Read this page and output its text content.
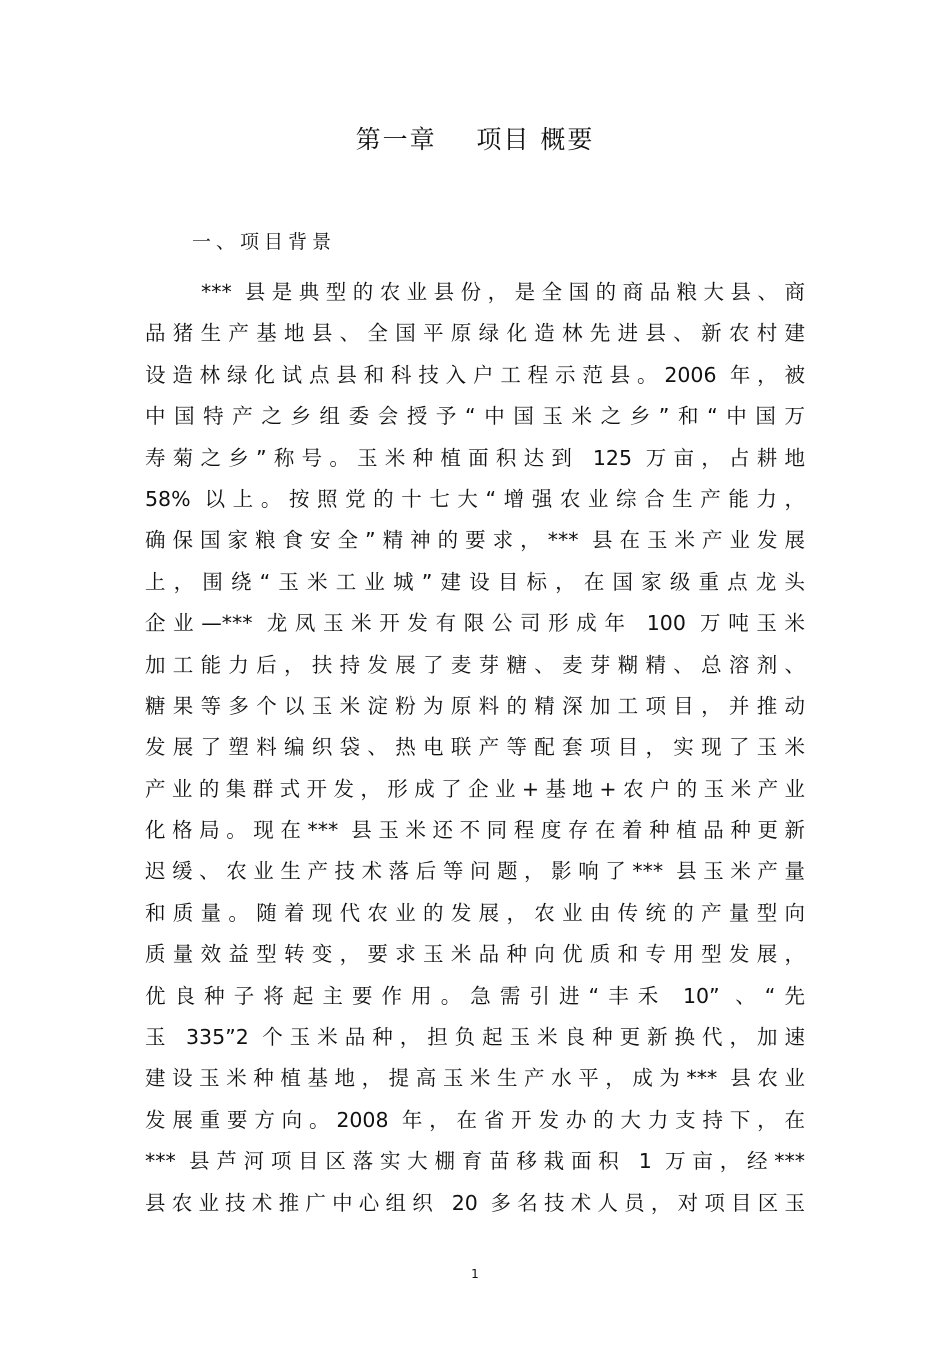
第一章    项目 概要
一、项目背景
*** 县是典型的农业县份，是全国的商品粮大县、商
品猪生产基地县、全国平原绿化造林先进县、新农村建
设造林绿化试点县和科技入户工程示范县。2006 年，被
中国特产之乡组委会授予“中国玉米之乡”和“中国万
寿菊之乡”称号。玉米种植面积达到 125 万亩，占耕地
58% 以上。按照党的十七大“增强农业综合生产能力，
确保国家粮食安全”精神的要求，*** 县在玉米产业发展
上，围绕“玉米工业城”建设目标，在国家级重点龙头
企业—*** 龙凤玉米开发有限公司形成年 100 万吨玉米
加工能力后，扶持发展了麦芽糖、麦芽糊精、总溶剂、
糖果等多个以玉米淀粉为原料的精深加工项目，并推动
发展了塑料编织袋、热电联产等配套项目，实现了玉米
产业的集群式开发，形成了企业+基地+农户的玉米产业
化格局。现在*** 县玉米还不同程度存在着种植品种更新
迟缓、农业生产技术落后等问题，影响了*** 县玉米产量
和质量。随着现代农业的发展，农业由传统的产量型向
质量效益型转变，要求玉米品种向优质和专用型发展，
优良种子将起主要作用。急需引进“丰禾 10” 、“先
玉 335”2 个玉米品种，担负起玉米良种更新换代，加速
建设玉米种植基地，提高玉米生产水平，成为*** 县农业
发展重要方向。2008 年，在省开发办的大力支持下，在
*** 县芦河项目区落实大棚育苗移栽面积 1 万亩，经***
县农业技术推广中心组织 20 多名技术人员，对项目区玉
1
